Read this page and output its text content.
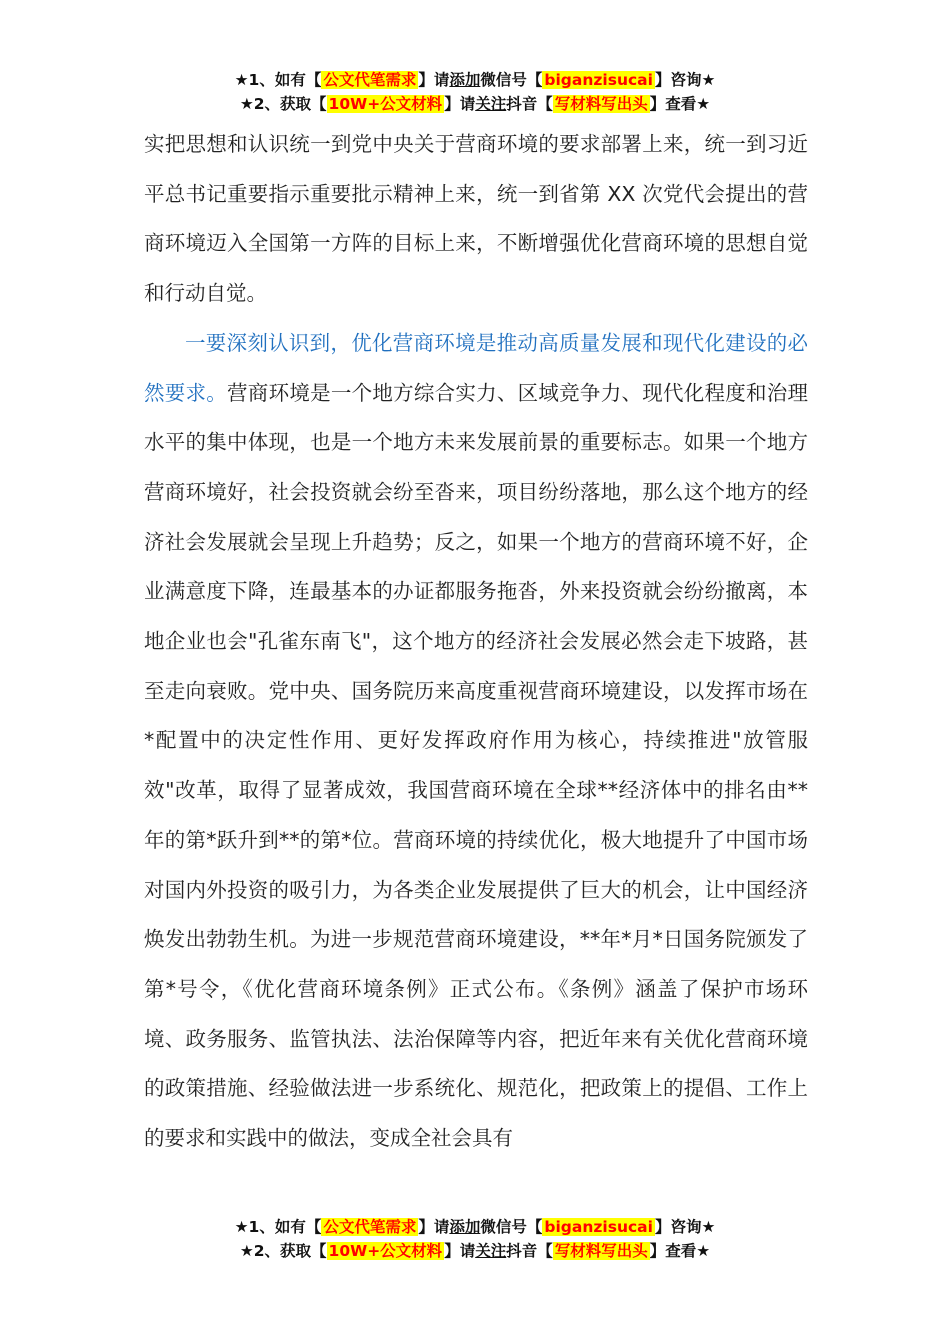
★1、如有【 公文代笔需求 】请添加微信号【 biganzisucai 】咨询★
★2、获取【 10W+公文材料 】请关注抖音【 写材料写出头 】查看★

实把思想和认识统一到党中央关于营商环境的要求部署上来，统一到习近平总书记重要指示重要批示精神上来，统一到省第 XX 次党代会提出的营商环境迈入全国第一方阵的目标上来，不断增强优化营商环境的思想自觉和行动自觉。

一要深刻认识到，优化营商环境是推动高质量发展和现代化建设的必然要求。营商环境是一个地方综合实力、区域竞争力、现代化程度和治理水平的集中体现，也是一个地方未来发展前景的重要标志。如果一个地方营商环境好，社会投资就会纷至沓来，项目纷纷落地，那么这个地方的经济社会发展就会呈现上升趋势；反之，如果一个地方的营商环境不好，企业满意度下降，连最基本的办证都服务拖沓，外来投资就会纷纷撤离，本地企业也会"孔雀东南飞"，这个地方的经济社会发展必然会走下坡路，甚至走向衰败。党中央、国务院历来高度重视营商环境建设，以发挥市场在*配置中的决定性作用、更好发挥政府作用为核心，持续推进"放管服效"改革，取得了显著成效，我国营商环境在全球**经济体中的排名由**年的第*跃升到**的第*位。营商环境的持续优化，极大地提升了中国市场对国内外投资的吸引力，为各类企业发展提供了巨大的机会，让中国经济焕发出勃勃生机。为进一步规范营商环境建设，**年*月*日国务院颁发了第*号令，《优化营商环境条例》正式公布。《条例》涵盖了保护市场环境、政务服务、监管执法、法治保障等内容，把近年来有关优化营商环境的政策措施、经验做法进一步系统化、规范化，把政策上的提倡、工作上的要求和实践中的做法，变成全社会具有

★1、如有【 公文代笔需求 】请添加微信号【 biganzisucai 】咨询★
★2、获取【 10W+公文材料 】请关注抖音【 写材料写出头 】查看★
